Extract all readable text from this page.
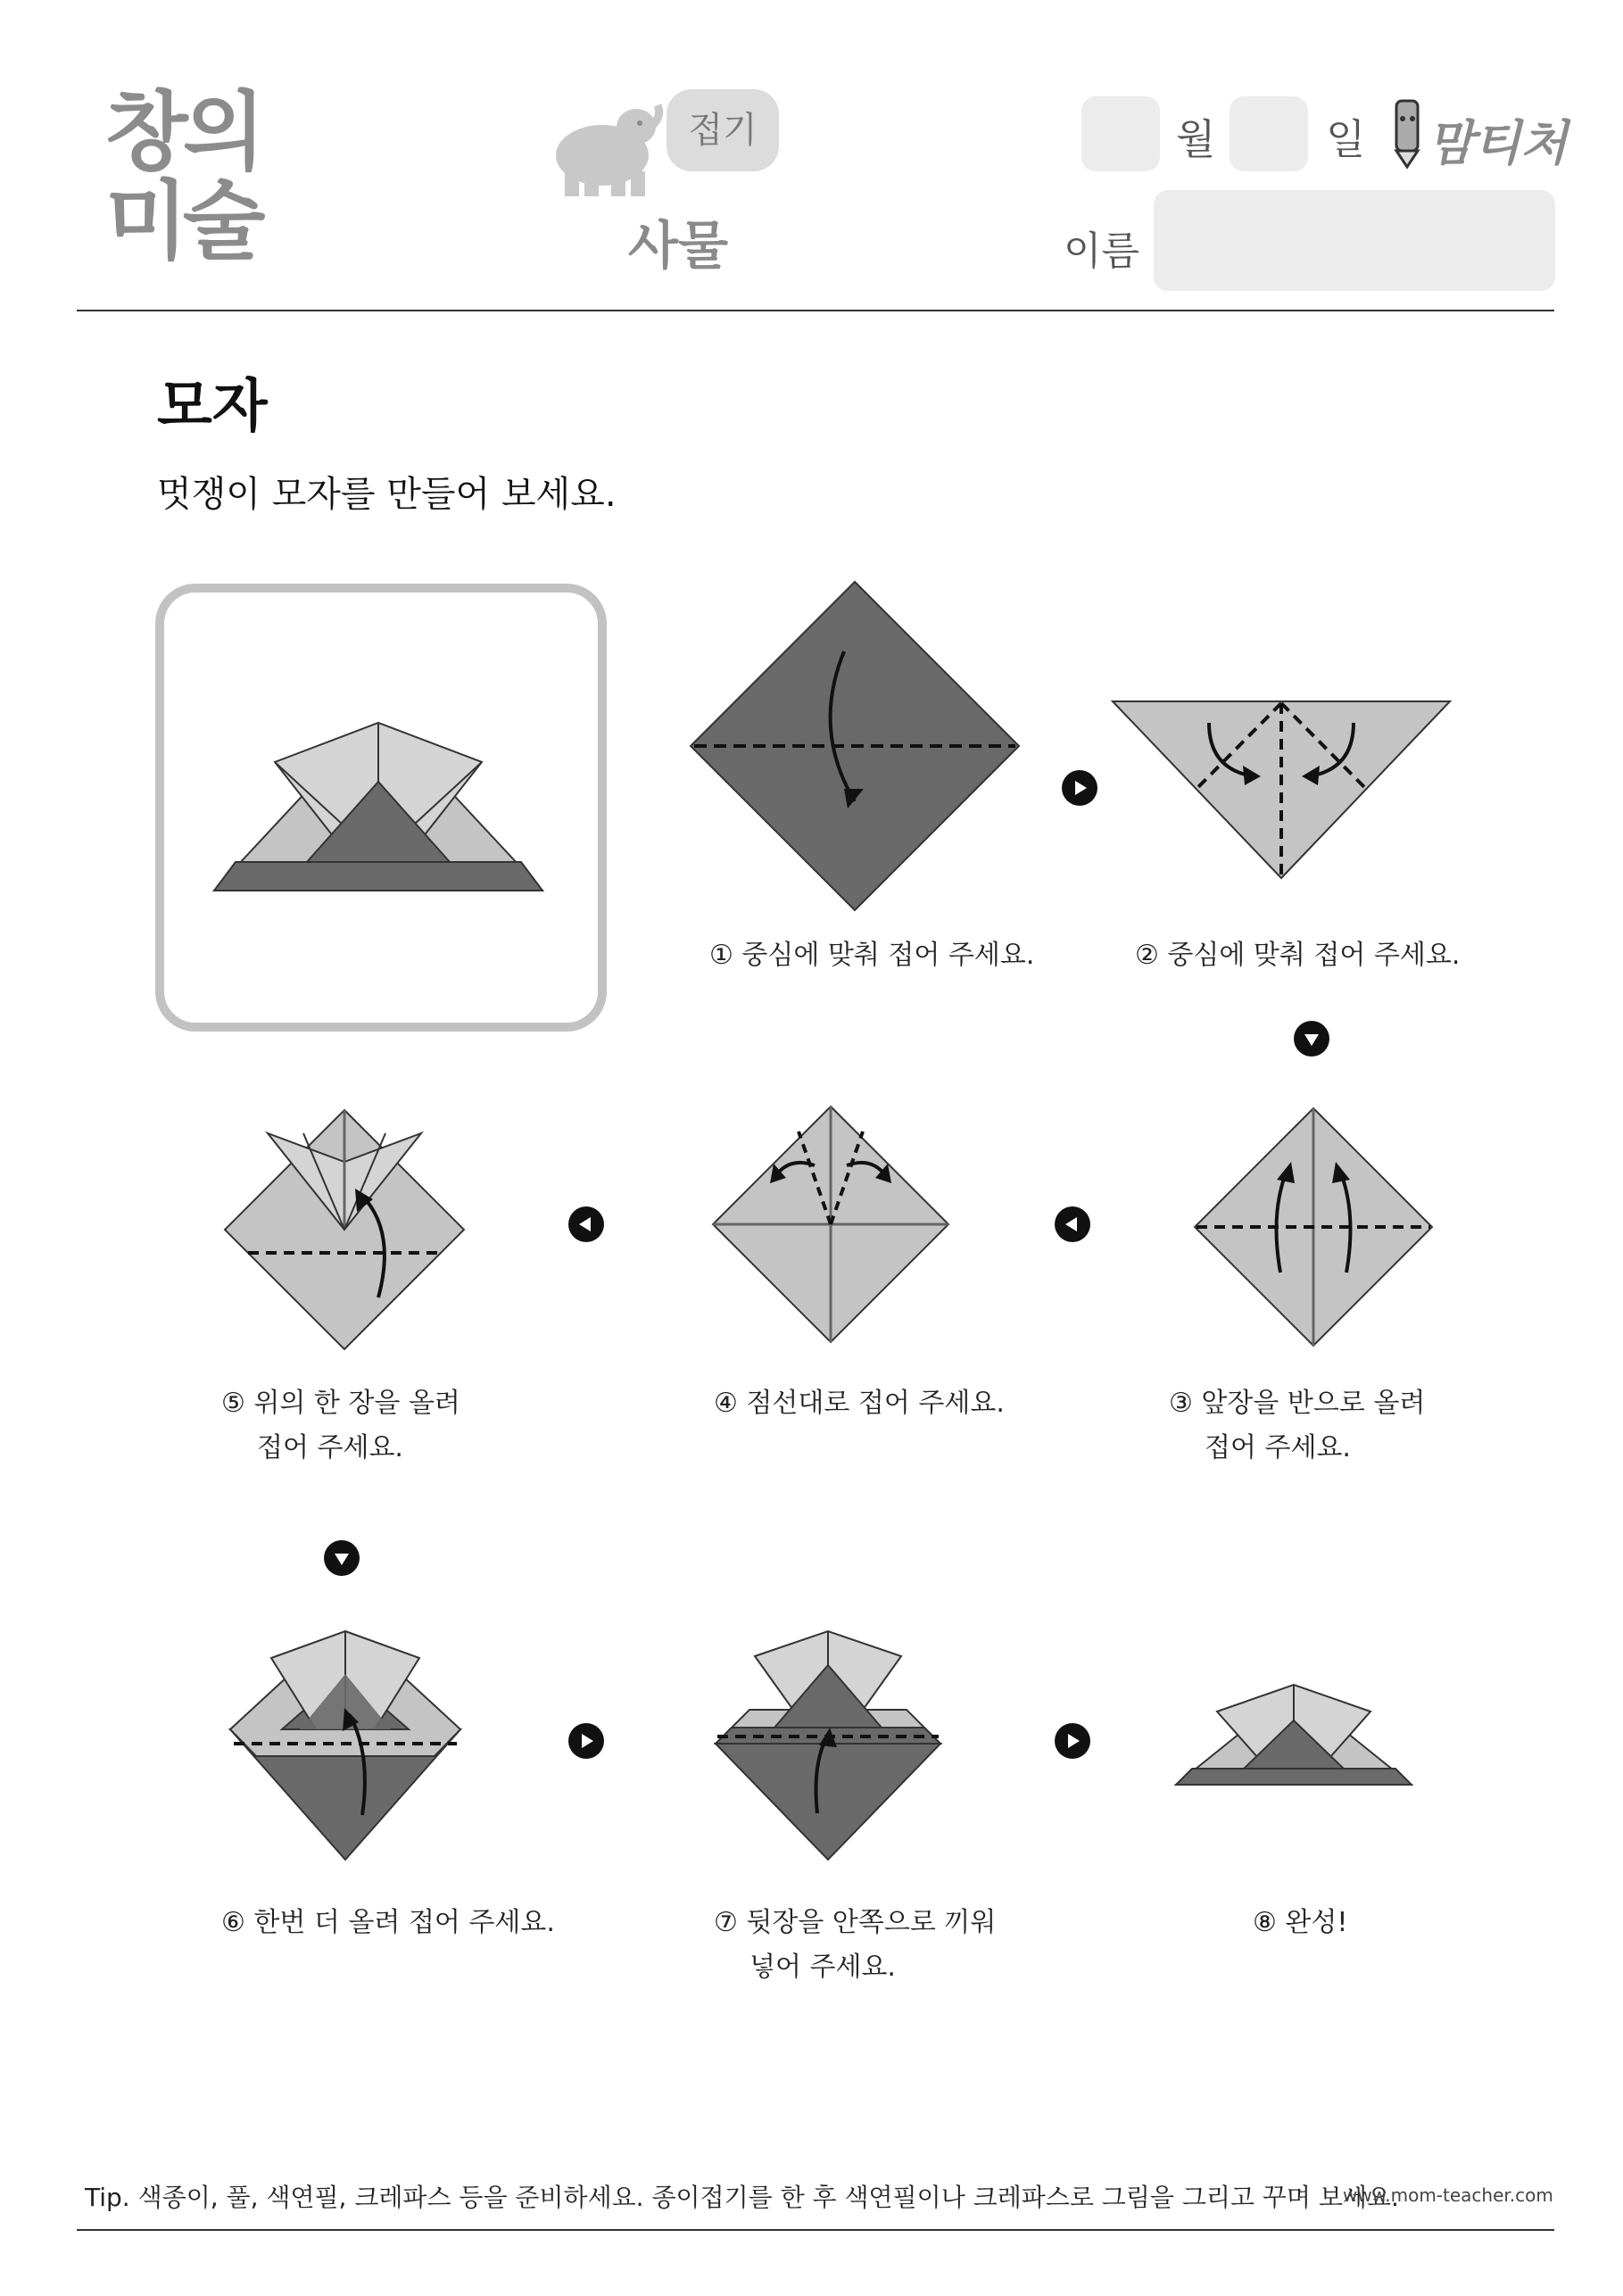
창의
미술
접기
사물
월	일 맘티처
이름
모자
멋쟁이 모자를 만들어 보세요.
① 중심에 맞춰 접어 주세요.	② 중심에 맞춰 접어 주세요.
③ 앞장을 반으로 올려
접어 주세요.
④ 점선대로 접어 주세요.
⑤ 위의 한 장을 올려
접어 주세요.
⑥ 한번 더 올려 접어 주세요.	⑦ 뒷장을 안쪽으로 끼워
넣어 주세요.
⑧ 완성!
Tip. 색종이, 풀, 색연필, 크레파스 등을 준비하세요. 종이접기를 한 후 색연필이나 크레파스로 그림을 그리고 꾸며 보세요.
www.mom-teacher.com
